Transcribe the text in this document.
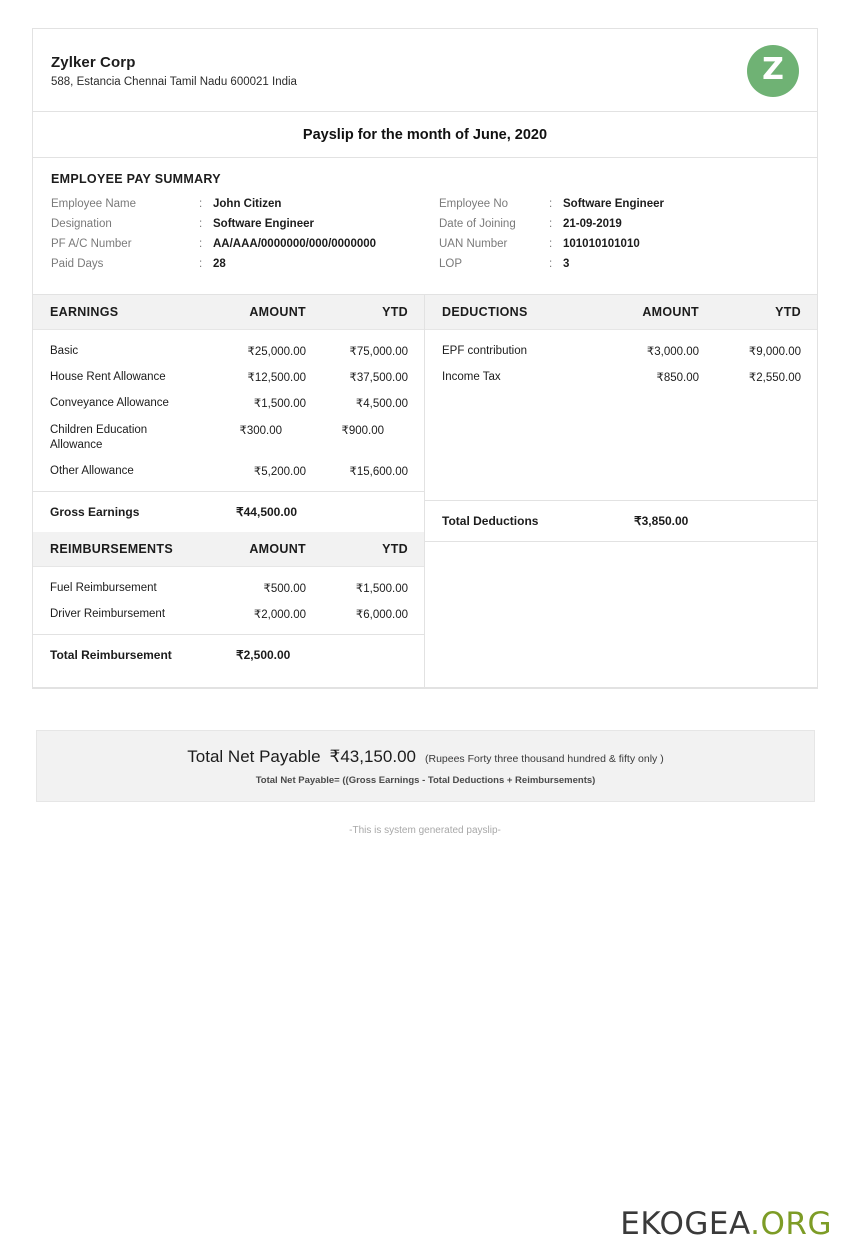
Zylker Corp
588, Estancia Chennai Tamil Nadu 600021 India	Z
Payslip for the month of June, 2020
EMPLOYEE PAY SUMMARY
Employee Name	: John Citizen
Designation	: Software Engineer
PF A/C Number	: AA/AAA/0000000/000/0000000
Paid Days	: 28
Employee No	: Software Engineer
Date of Joining	: 21-09-2019
UAN Number	: 101010101010
LOP	: 3
EARNINGS	AMOUNT	YTD
Basic	₹25,000.00	₹75,000.00
House Rent Allowance	₹12,500.00	₹37,500.00
Conveyance Allowance	₹1,500.00	₹4,500.00
Children Education Allowance
₹300.00	₹900.00
Other Allowance	₹5,200.00	₹15,600.00
Gross Earnings	₹44,500.00
REIMBURSEMENTS	AMOUNT	YTD
Fuel Reimbursement	₹500.00	₹1,500.00
Driver Reimbursement	₹2,000.00	₹6,000.00
Total Reimbursement	₹2,500.00
DEDUCTIONS	AMOUNT	YTD
EPF contribution	₹3,000.00	₹9,000.00
Income Tax	₹850.00	₹2,550.00
Total Deductions	₹3,850.00
Total Net Payable ₹43,150.00 (Rupees Forty three thousand hundred & fifty only )
Total Net Payable= ((Gross Earnings - Total Deductions + Reimbursements)
-This is system generated payslip-
EKOGEA.ORG
